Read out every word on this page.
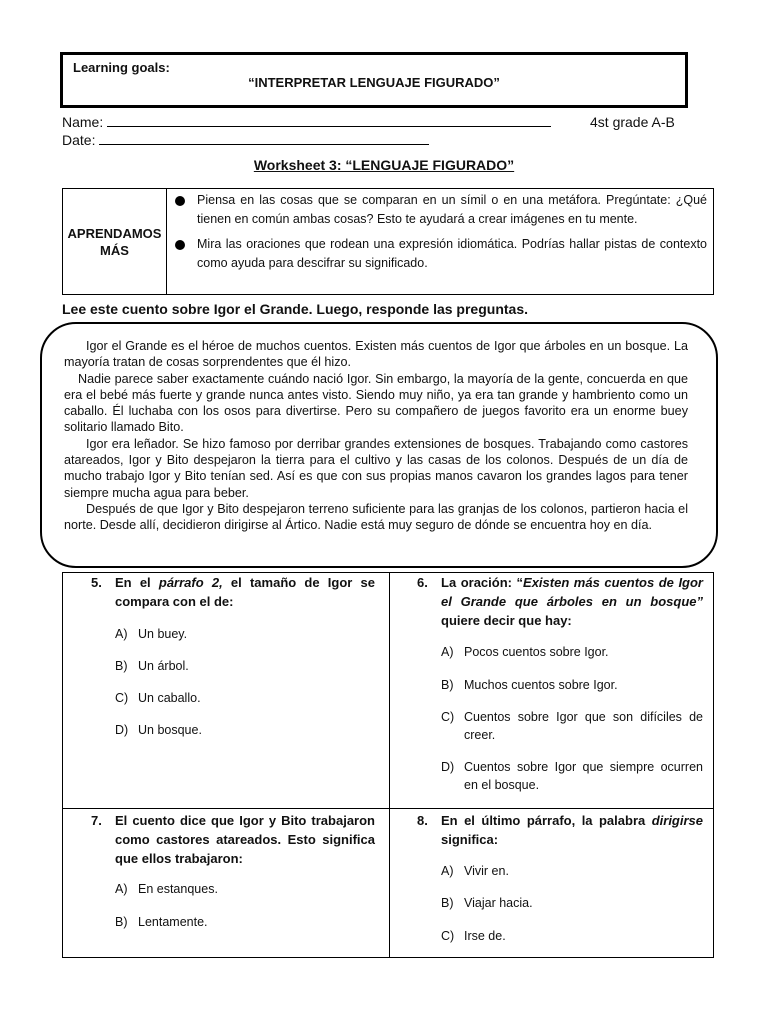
Learning goals:
“INTERPRETAR LENGUAJE FIGURADO”
Name:	4st grade A-B
Date:
Worksheet 3: “LENGUAJE FIGURADO”
APRENDAMOS
MÁS
Piensa en las cosas que se comparan en un símil o en una metáfora. Pregúntate: ¿Qué tienen en común ambas cosas? Esto te ayudará a crear imágenes en tu mente.
Mira las oraciones que rodean una expresión idiomática. Podrías hallar pistas de contexto como ayuda para descifrar su significado.
Lee este cuento sobre Igor el Grande. Luego, responde las preguntas.

Igor el Grande es el héroe de muchos cuentos. Existen más cuentos de Igor que árboles en un bosque. La mayoría tratan de cosas sorprendentes que él hizo.

Nadie parece saber exactamente cuándo nació Igor. Sin embargo, la mayoría de la gente, concuerda en que era el bebé más fuerte y grande nunca antes visto. Siendo muy niño, ya era tan grande y hambriento como un caballo. Él luchaba con los osos para divertirse. Pero su compañero de juegos favorito era un enorme buey solitario llamado Bito.

Igor era leñador. Se hizo famoso por derribar grandes extensiones de bosques. Trabajando como castores atareados, Igor y Bito despejaron la tierra para el cultivo y las casas de los colonos. Después de un día de mucho trabajo Igor y Bito tenían sed. Así es que con sus propias manos cavaron los grandes lagos para tener siempre mucha agua para beber.

Después de que Igor y Bito despejaron terreno suficiente para las granjas de los colonos, partieron hacia el norte. Desde allí, decidieron dirigirse al Ártico. Nadie está muy seguro de dónde se encuentra hoy en día.

5. En el párrafo 2, el tamaño de Igor se compara con el de:
A) Un buey.
B) Un árbol.
C) Un caballo.
D) Un bosque.
6. La oración: “Existen más cuentos de Igor el Grande que árboles en un bosque” quiere decir que hay:
A) Pocos cuentos sobre Igor.
B) Muchos cuentos sobre Igor.
C) Cuentos sobre Igor que son difíciles de creer.
D) Cuentos sobre Igor que siempre ocurren en el bosque.
7. El cuento dice que Igor y Bito trabajaron como castores atareados. Esto significa que ellos trabajaron:
A) En estanques.
B) Lentamente.
8. En el último párrafo, la palabra dirigirse significa:
A) Vivir en.
B) Viajar hacia.
C) Irse de.
